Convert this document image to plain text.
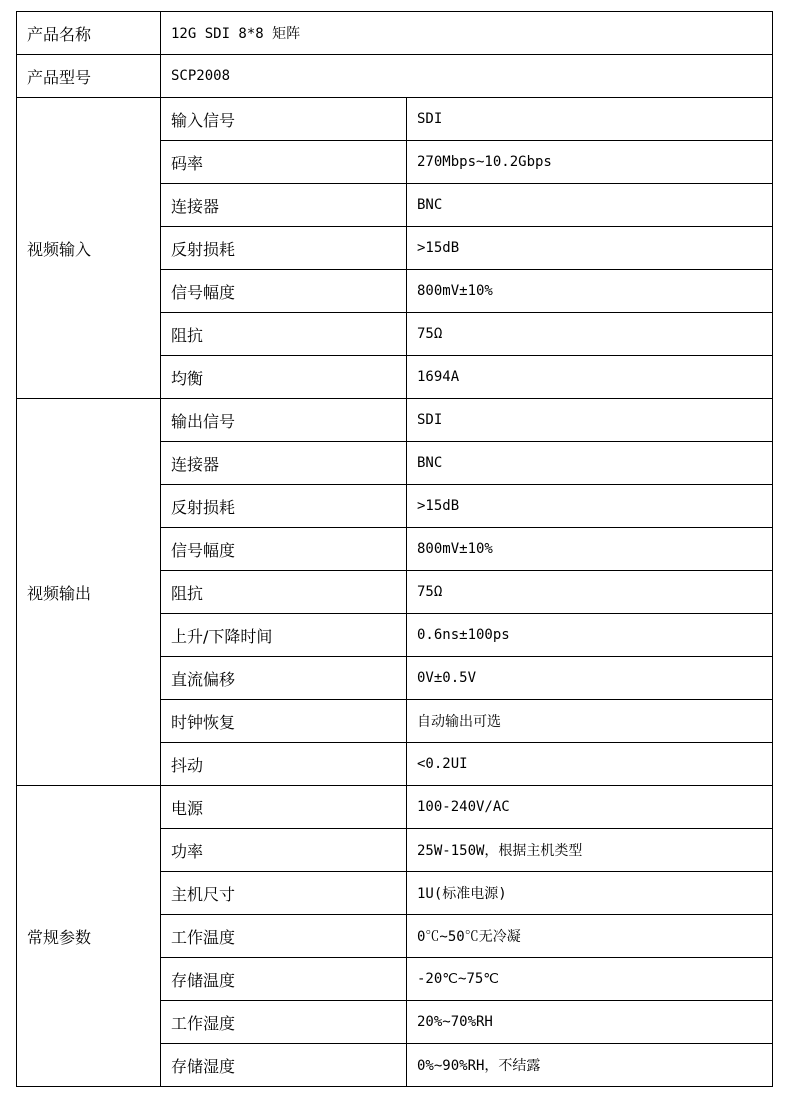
产品名称	12G SDI 8*8 矩阵	
产品型号	SCP2008	
视频输入	输入信号	SDI
	码率	270Mbps~10.2Gbps
	连接器	BNC
	反射损耗	>15dB
	信号幅度	800mV±10%
	阻抗	75Ω
	均衡	1694A
视频输出	输出信号	SDI
	连接器	BNC
	反射损耗	>15dB
	信号幅度	800mV±10%
	阻抗	75Ω
	上升/下降时间	0.6ns±100ps
	直流偏移	0V±0.5V
	时钟恢复	自动输出可选
	抖动	<0.2UI
常规参数	电源	100-240V/AC
	功率	25W-150W，根据主机类型
	主机尺寸	1U(标准电源)
	工作温度	0℃~50℃无冷凝
	存储温度	-20℃~75℃
	工作湿度	20%~70%RH
	存储湿度	0%~90%RH，不结露
